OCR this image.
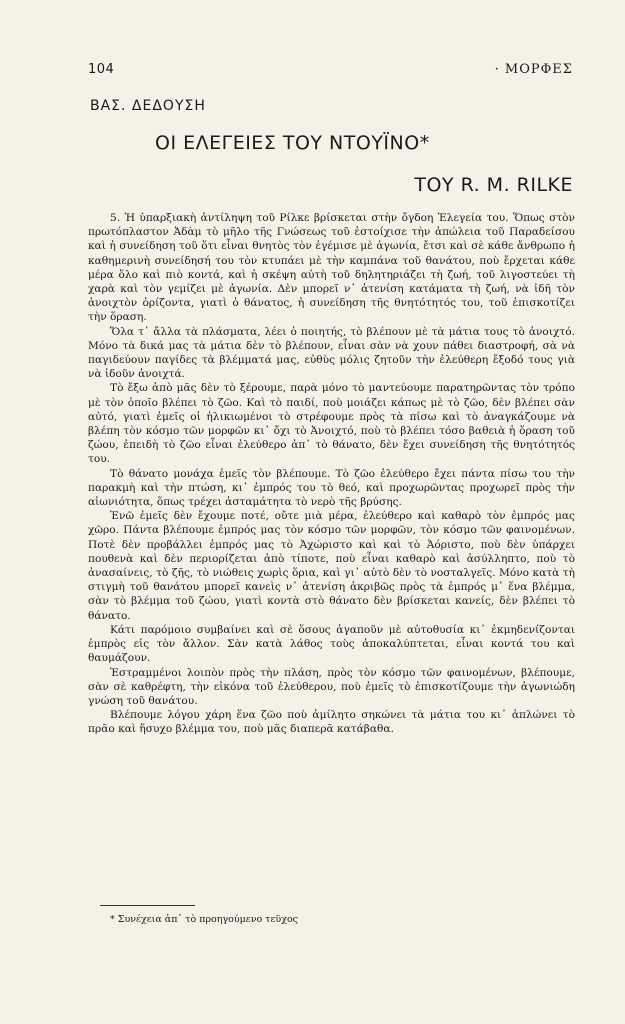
104	· ΜΟΡΦΕΣ
ΒΑΣ. ΔΕΔΟΥΣΗ
ΟΙ ΕΛΕΓΕΙΕΣ ΤΟΥ ΝΤΟΥΪΝΟ*
ΤΟΥ R. M. RILKE

5. Ἡ ὑπαρξιακὴ ἀντίληψη τοῦ Ρίλκε βρίσκεται στὴν ὄγδοη Ἐλεγεία του. Ὅπως στὸν πρωτόπλαστον Ἀδὰμ τὸ μῆλο τῆς Γνώσεως τοῦ ἐστοίχισε τὴν ἀπώλεια τοῦ Παραδείσου καὶ ἡ συνείδηση τοῦ ὅτι εἶναι θνητὸς τὸν ἐγέμισε μὲ ἀγωνία, ἔτσι καὶ σὲ κάθε ἄνθρωπο ἡ καθημερινὴ συνείδησή του τὸν κτυπάει μὲ τὴν καμπάνα τοῦ θανάτου, ποὺ ἔρχεται κάθε μέρα ὅλο καὶ πιὸ κοντά, καὶ ἡ σκέψη αὐτὴ τοῦ δηλητηριάζει τὴ ζωή, τοῦ λιγοστεύει τὴ χαρὰ καὶ τὸν γεμίζει μὲ ἀγωνία. Δὲν μπορεῖ ν᾿ ἀτενίση κατάματα τὴ ζωή, νὰ ἰδῆ τὸν ἀνοιχτὸν ὁρίζοντα, γιατὶ ὁ θάνατος, ἡ συνείδηση τῆς θνητότητός του, τοῦ ἐπισκοτίζει τὴν ὅραση.

Ὅλα τ᾿ ἄλλα τὰ πλάσματα, λέει ὁ ποιητής, τὸ βλέπουν μὲ τὰ μάτια τους τὸ ἀνοιχτό. Μόνο τὰ δικά μας τὰ μάτια δὲν τὸ βλέπουν, εἶναι σὰν νὰ χουν πάθει διαστροφή, σὰ νὰ παγιδεύουν παγίδες τὰ βλέμματά μας, εὐθὺς μόλις ζητοῦν τὴν ἐλεύθερη ἔξοδό τους γιὰ νὰ ἰδοῦν ἀνοιχτά.

Τὸ ἔξω ἀπὸ μᾶς δὲν τὸ ξέρουμε, παρὰ μόνο τὸ μαντεύουμε παρατηρῶντας τὸν τρόπο μὲ τὸν ὁποῖο βλέπει τὸ ζῶο. Καὶ τὸ παιδί, ποὺ μοιάζει κάπως μὲ τὸ ζῶο, δὲν βλέπει σὰν αὐτό, γιατὶ ἐμεῖς οἱ ἡλικιωμένοι τὸ στρέφουμε πρὸς τὰ πίσω καὶ τὸ ἀναγκάζουμε νὰ βλέπη τὸν κόσμο τῶν μορφῶν κι᾿ ὄχι τὸ Ἀνοιχτό, ποὺ τὸ βλέπει τόσο βαθειὰ ἡ ὅραση τοῦ ζώου, ἐπειδὴ τὸ ζῶο εἶναι ἐλεύθερο ἀπ᾿ τὸ θάνατο, δὲν ἔχει συνείδηση τῆς θνητότητός του.

Τὸ θάνατο μονάχα ἐμεῖς τὸν βλέπουμε. Τὸ ζῶο ἐλεύθερο ἔχει πάντα πίσω του τὴν παρακμὴ καὶ τὴν πτώση, κι᾿ ἐμπρός του τὸ θεό, καὶ προχωρῶντας προχωρεῖ πρὸς τὴν αἰωνιότητα, ὅπως τρέχει ἀσταμάτητα τὸ νερὸ τῆς βρύσης.

Ἐνῶ ἐμεῖς δὲν ἔχουμε ποτέ, οὔτε μιὰ μέρα, ἐλεύθερο καὶ καθαρὸ τὸν ἐμπρός μας χῶρο. Πάντα βλέπουμε ἐμπρός μας τὸν κόσμο τῶν μορφῶν, τὸν κόσμο τῶν φαινομένων. Ποτὲ δὲν προβάλλει ἐμπρός μας τὸ Ἀχώριστο καὶ καὶ τὸ Ἀόριστο, ποὺ δὲν ὑπάρχει πουθενὰ καὶ δὲν περιορίζεται ἀπὸ τίποτε, ποὺ εἶναι καθαρὸ καὶ ἀσύλληπτο, ποὺ τὸ ἀνασαίνεις, τὸ ζῆς, τὸ νιώθεις χωρὶς ὅρια, καὶ γι᾿ αὐτὸ δὲν τὸ νοσταλγεῖς. Μόνο κατὰ τὴ στιγμὴ τοῦ θανάτου μπορεῖ κανεὶς ν᾿ ἀτενίση ἀκριβῶς πρὸς τὰ ἐμπρός μ᾿ ἕνα βλέμμα, σὰν τὸ βλέμμα τοῦ ζώου, γιατὶ κοντὰ στὸ θάνατο δὲν βρίσκεται κανείς, δὲν βλέπει τὸ θάνατο.

Κάτι παρόμοιο συμβαίνει καὶ σὲ ὅσους ἀγαποῦν μὲ αὐτοθυσία κι᾿ ἐκμηδενίζονται ἐμπρὸς εἰς τὸν ἄλλον. Σὰν κατὰ λάθος τοὺς ἀποκαλύπτεται, εἶναι κοντά του καὶ θαυμάζουν.

Ἐστραμμένοι λοιπὸν πρὸς τὴν πλάση, πρὸς τὸν κόσμο τῶν φαινομένων, βλέπουμε, σὰν σὲ καθρέφτη, τὴν εἰκόνα τοῦ ἐλεύθερου, ποὺ ἐμεῖς τὸ ἐπισκοτίζουμε τὴν ἀγωνιώδη γνώση τοῦ θανάτου.

Βλέπουμε λόγου χάρη ἕνα ζῶο ποὺ ἀμίλητο σηκώνει τὰ μάτια του κι᾿ ἀπλώνει τὸ πρᾶο καὶ ἥσυχο βλέμμα του, ποὺ μᾶς διαπερᾶ κατάβαθα.

* Συνέχεια ἀπ᾿ τὸ προηγούμενο τεῦχος
